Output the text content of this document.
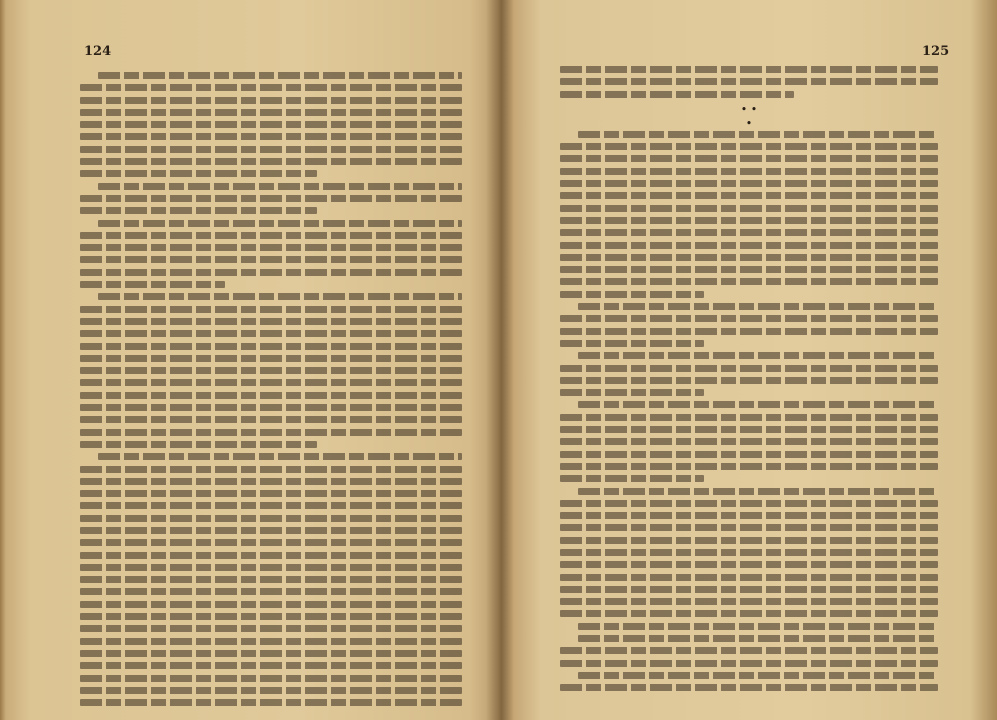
124	125
• •
•
